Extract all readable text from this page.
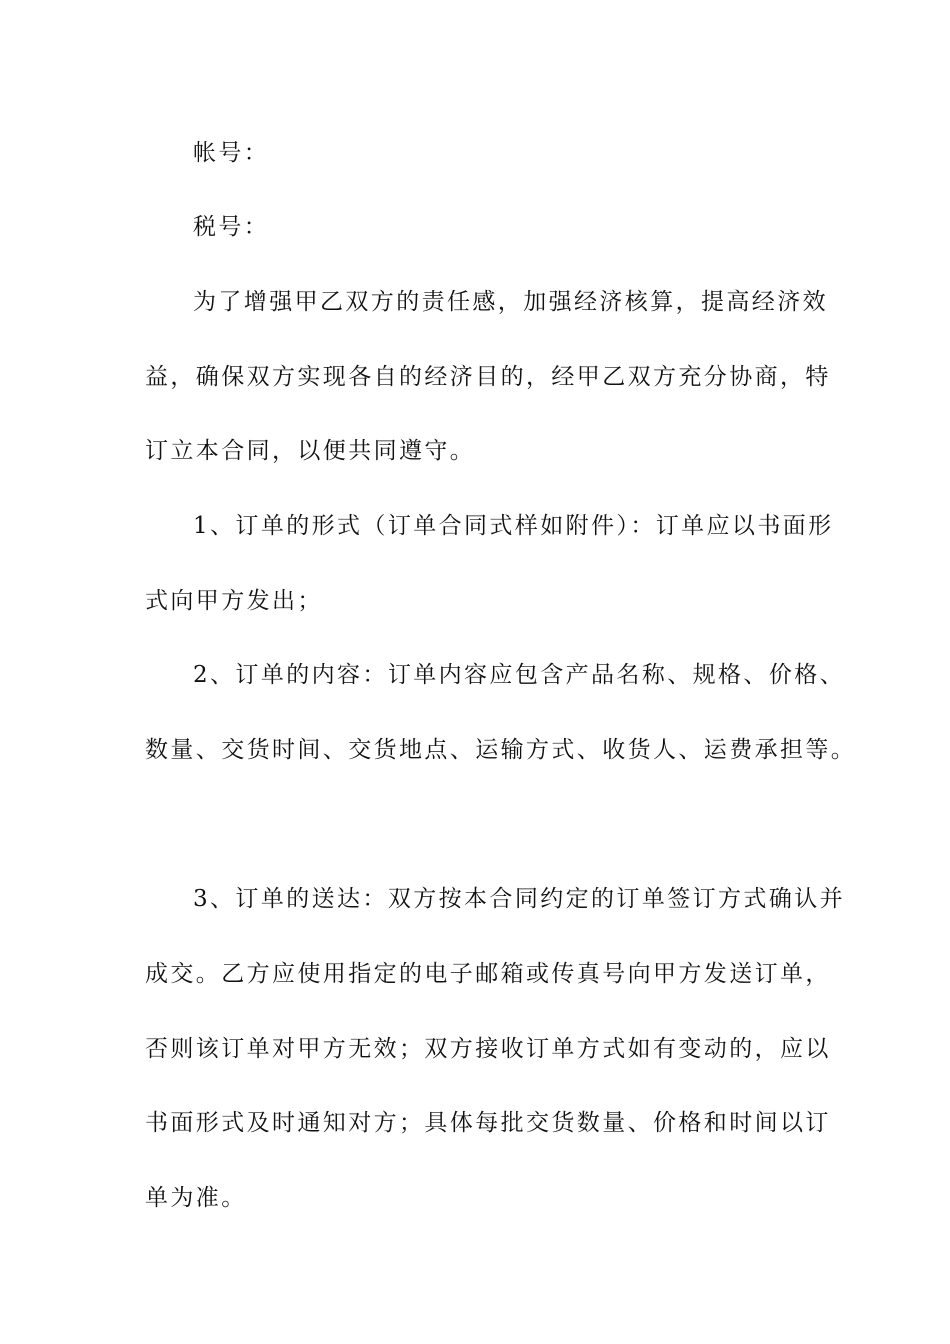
帐号：
税号：
为了增强甲乙双方的责任感，加强经济核算，提高经济效
益，确保双方实现各自的经济目的，经甲乙双方充分协商，特
订立本合同，以便共同遵守。
1、订单的形式（订单合同式样如附件）：订单应以书面形
式向甲方发出；
2、订单的内容：订单内容应包含产品名称、规格、价格、
数量、交货时间、交货地点、运输方式、收货人、运费承担等。
3、订单的送达：双方按本合同约定的订单签订方式确认并
成交。乙方应使用指定的电子邮箱或传真号向甲方发送订单，
否则该订单对甲方无效；双方接收订单方式如有变动的，应以
书面形式及时通知对方；具体每批交货数量、价格和时间以订
单为准。
